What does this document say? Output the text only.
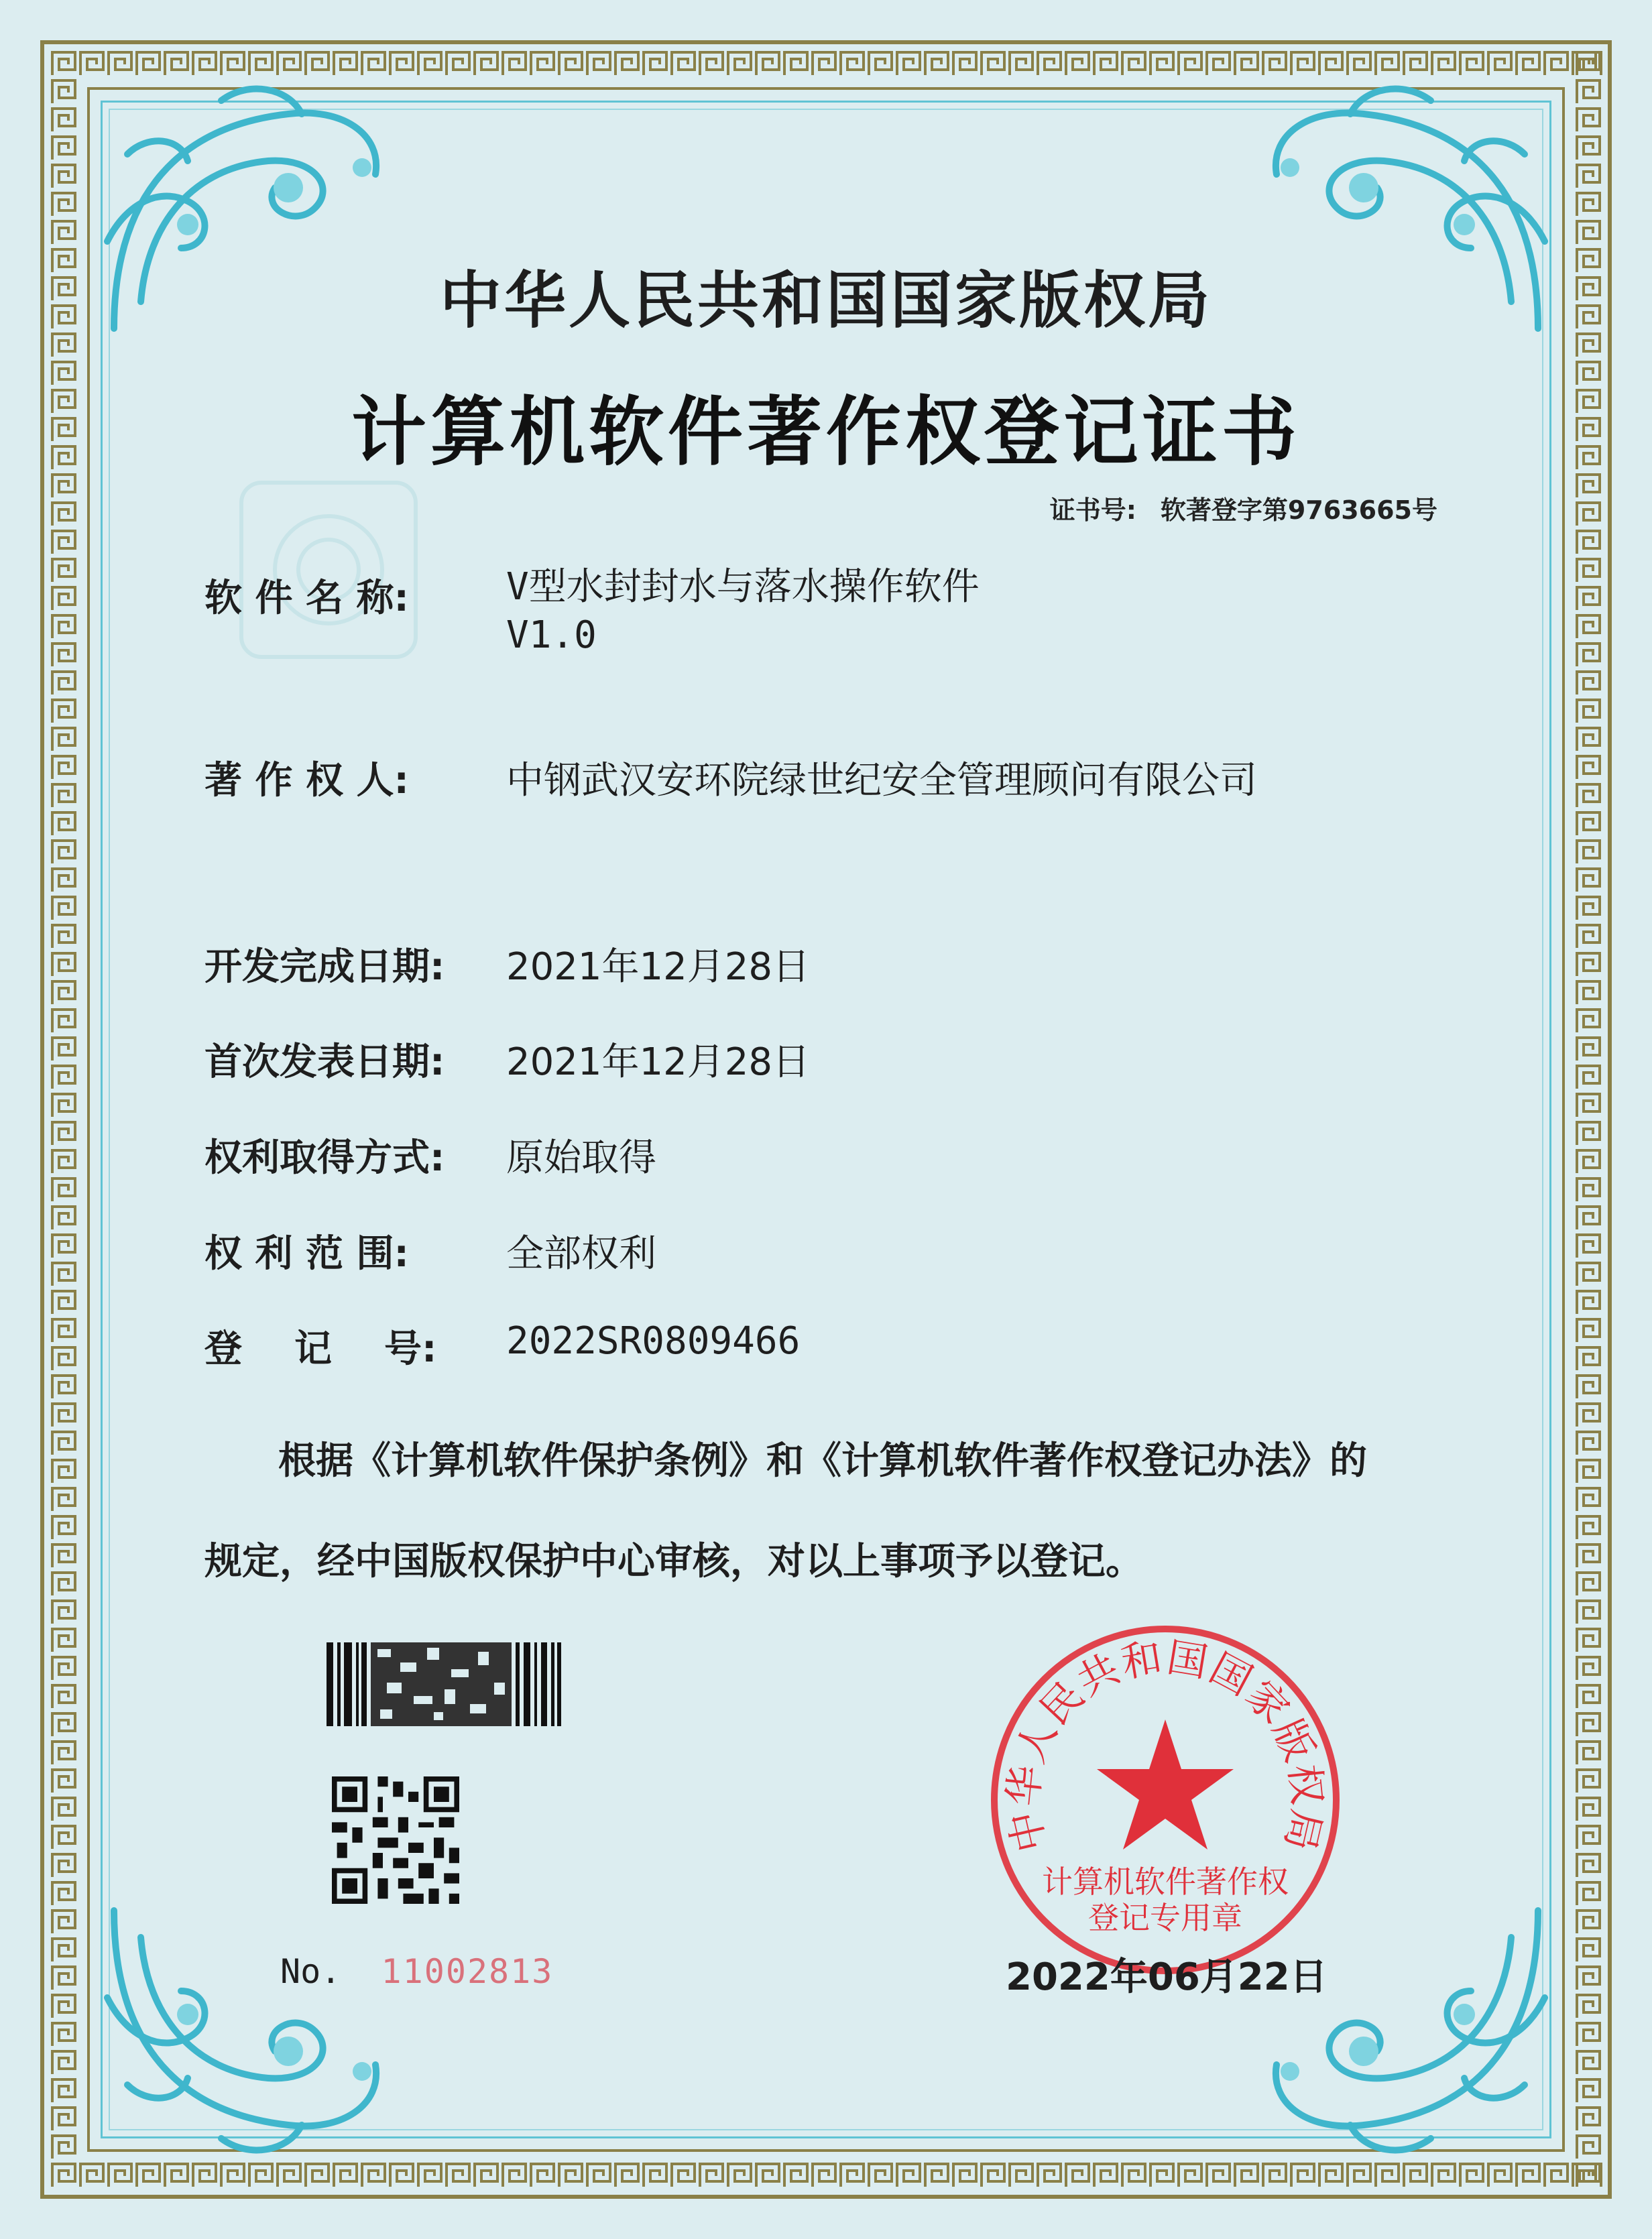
中华人民共和国国家版权局
计算机软件著作权登记证书
证书号: 软著登字第9763665号
软 件 名 称:	V型水封封水与落水操作软件
V1.0
著 作 权 人:	中钢武汉安环院绿世纪安全管理顾问有限公司
开发完成日期: 2021年12月28日
首次发表日期: 2021年12月28日
权利取得方式: 原始取得
权 利 范 围:	全部权利
登    记    号: 2022SR0809466
根据《计算机软件保护条例》和《计算机软件著作权登记办法》的
规定，经中国版权保护中心审核，对以上事项予以登记。
No. 11002813
中华人民共和国国家版权局
计算机软件著作权
登记专用章
2022年06月22日
